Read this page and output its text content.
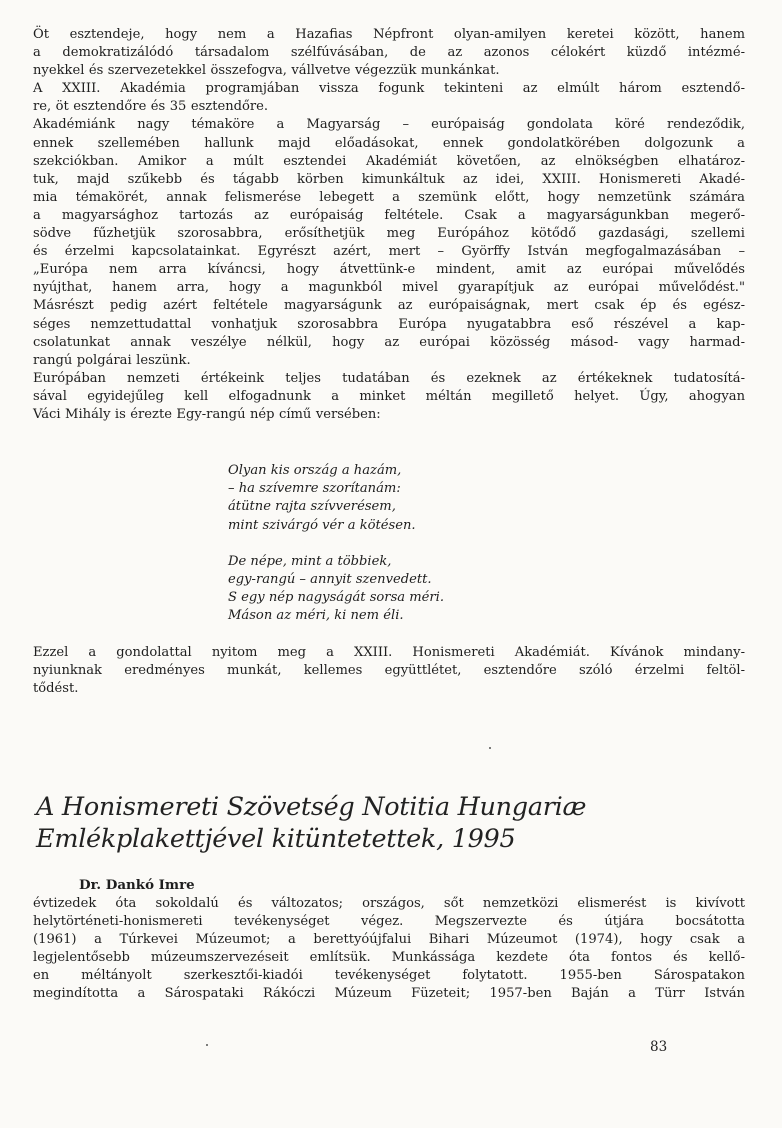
Öt esztendeje, hogy nem a Hazafias Népfront olyan-amilyen keretei között, hanem
a demokratizálódó társadalom szélfúvásában, de az azonos célokért küzdő intézmé-
nyekkel és szervezetekkel összefogva, vállvetve végezzük munkánkat.

A XXIII. Akadémia programjában vissza fogunk tekinteni az elmúlt három esztendő-
re, öt esztendőre és 35 esztendőre.

Akadémiánk nagy témaköre a Magyarság – európaiság gondolata köré rendeződik,
ennek szellemében hallunk majd előadásokat, ennek gondolatkörében dolgozunk a
szekciókban. Amikor a múlt esztendei Akadémiát követően, az elnökségben elhatároz-
tuk, majd szűkebb és tágabb körben kimunkáltuk az idei, XXIII. Honismereti Akadé-
mia témakörét, annak felismerése lebegett a szemünk előtt, hogy nemzetünk számára
a magyarsághoz tartozás az európaiság feltétele. Csak a magyarságunkban megerő-
södve fűzhetjük szorosabbra, erősíthetjük meg Európához kötődő gazdasági, szellemi
és érzelmi kapcsolatainkat. Egyrészt azért, mert – Györffy István megfogalmazásában –
„Európa nem arra kíváncsi, hogy átvettünk-e mindent, amit az európai művelődés
nyújthat, hanem arra, hogy a magunkból mivel gyarapítjuk az európai művelődést."
Másrészt pedig azért feltétele magyarságunk az európaiságnak, mert csak ép és egész-
séges nemzettudattal vonhatjuk szorosabbra Európa nyugatabbra eső részével a kap-
csolatunkat annak veszélye nélkül, hogy az európai közösség másod- vagy harmad-
rangú polgárai leszünk.

Európában nemzeti értékeink teljes tudatában és ezeknek az értékeknek tudatosítá-
sával egyidejűleg kell elfogadnunk a minket méltán megillető helyet. Úgy, ahogyan
Váci Mihály is érezte Egy-rangú nép című versében:

Olyan kis ország a hazám,
– ha szívemre szorítanám:
átütne rajta szívverésem,
mint szivárgó vér a kötésen.
De népe, mint a többiek,
egy-rangú – annyit szenvedett.
S egy nép nagyságát sorsa méri.
Máson az méri, ki nem éli.

Ezzel a gondolattal nyitom meg a XXIII. Honismereti Akadémiát. Kívánok mindany-
nyiunknak eredményes munkát, kellemes együttlétet, esztendőre szóló érzelmi feltöl-
tődést.

A Honismereti Szövetség Notitia Hungariæ
Emlékplakettjével kitüntetettek, 1995
Dr. Dankó Imre

évtizedek óta sokoldalú és változatos; országos, sőt nemzetközi elismerést is kivívott
helytörténeti-honismereti tevékenységet végez. Megszervezte és útjára bocsátotta
(1961) a Túrkevei Múzeumot; a berettyóújfalui Bihari Múzeumot (1974), hogy csak a
legjelentősebb múzeumszervezéseit említsük. Munkássága kezdete óta fontos és kellő-
en méltányolt szerkesztői-kiadói tevékenységet folytatott. 1955-ben Sárospatakon
megindította a Sárospataki Rákóczi Múzeum Füzeteit; 1957-ben Baján a Türr István

83
